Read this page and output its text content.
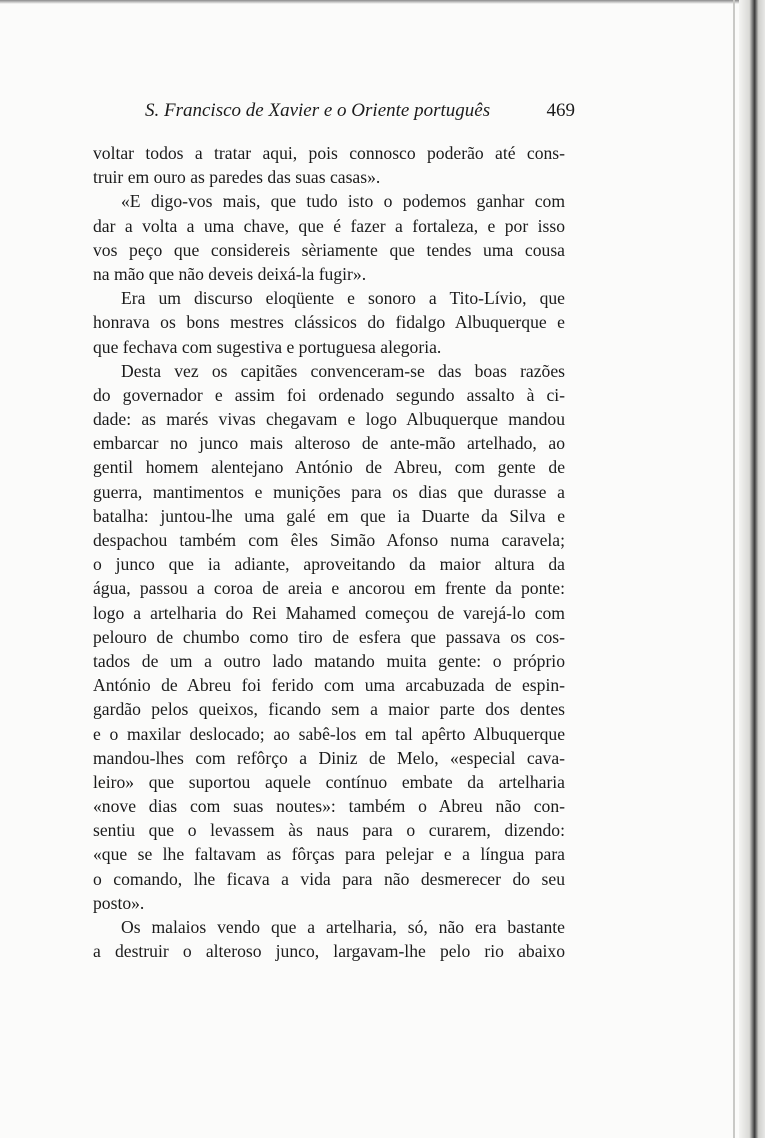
S. Francisco de Xavier e o Oriente português	469
voltar todos a tratar aqui, pois connosco poderão até cons-
truir em ouro as paredes das suas casas».
«E digo-vos mais, que tudo isto o podemos ganhar com
dar a volta a uma chave, que é fazer a fortaleza, e por isso
vos peço que considereis sèriamente que tendes uma cousa
na mão que não deveis deixá-la fugir».
Era um discurso eloqüente e sonoro a Tito-Lívio, que
honrava os bons mestres clássicos do fidalgo Albuquerque e
que fechava com sugestiva e portuguesa alegoria.
Desta vez os capitães convenceram-se das boas razões
do governador e assim foi ordenado segundo assalto à ci-
dade: as marés vivas chegavam e logo Albuquerque mandou
embarcar no junco mais alteroso de ante-mão artelhado, ao
gentil homem alentejano António de Abreu, com gente de
guerra, mantimentos e munições para os dias que durasse a
batalha: juntou-lhe uma galé em que ia Duarte da Silva e
despachou também com êles Simão Afonso numa caravela;
o junco que ia adiante, aproveitando da maior altura da
água, passou a coroa de areia e ancorou em frente da ponte:
logo a artelharia do Rei Mahamed começou de varejá-lo com
pelouro de chumbo como tiro de esfera que passava os cos-
tados de um a outro lado matando muita gente: o próprio
António de Abreu foi ferido com uma arcabuzada de espin-
gardão pelos queixos, ficando sem a maior parte dos dentes
e o maxilar deslocado; ao sabê-los em tal apêrto Albuquerque
mandou-lhes com refôrço a Diniz de Melo, «especial cava-
leiro» que suportou aquele contínuo embate da artelharia
«nove dias com suas noutes»: também o Abreu não con-
sentiu que o levassem às naus para o curarem, dizendo:
«que se lhe faltavam as fôrças para pelejar e a língua para
o comando, lhe ficava a vida para não desmerecer do seu
posto».
Os malaios vendo que a artelharia, só, não era bastante
a destruir o alteroso junco, largavam-lhe pelo rio abaixo
